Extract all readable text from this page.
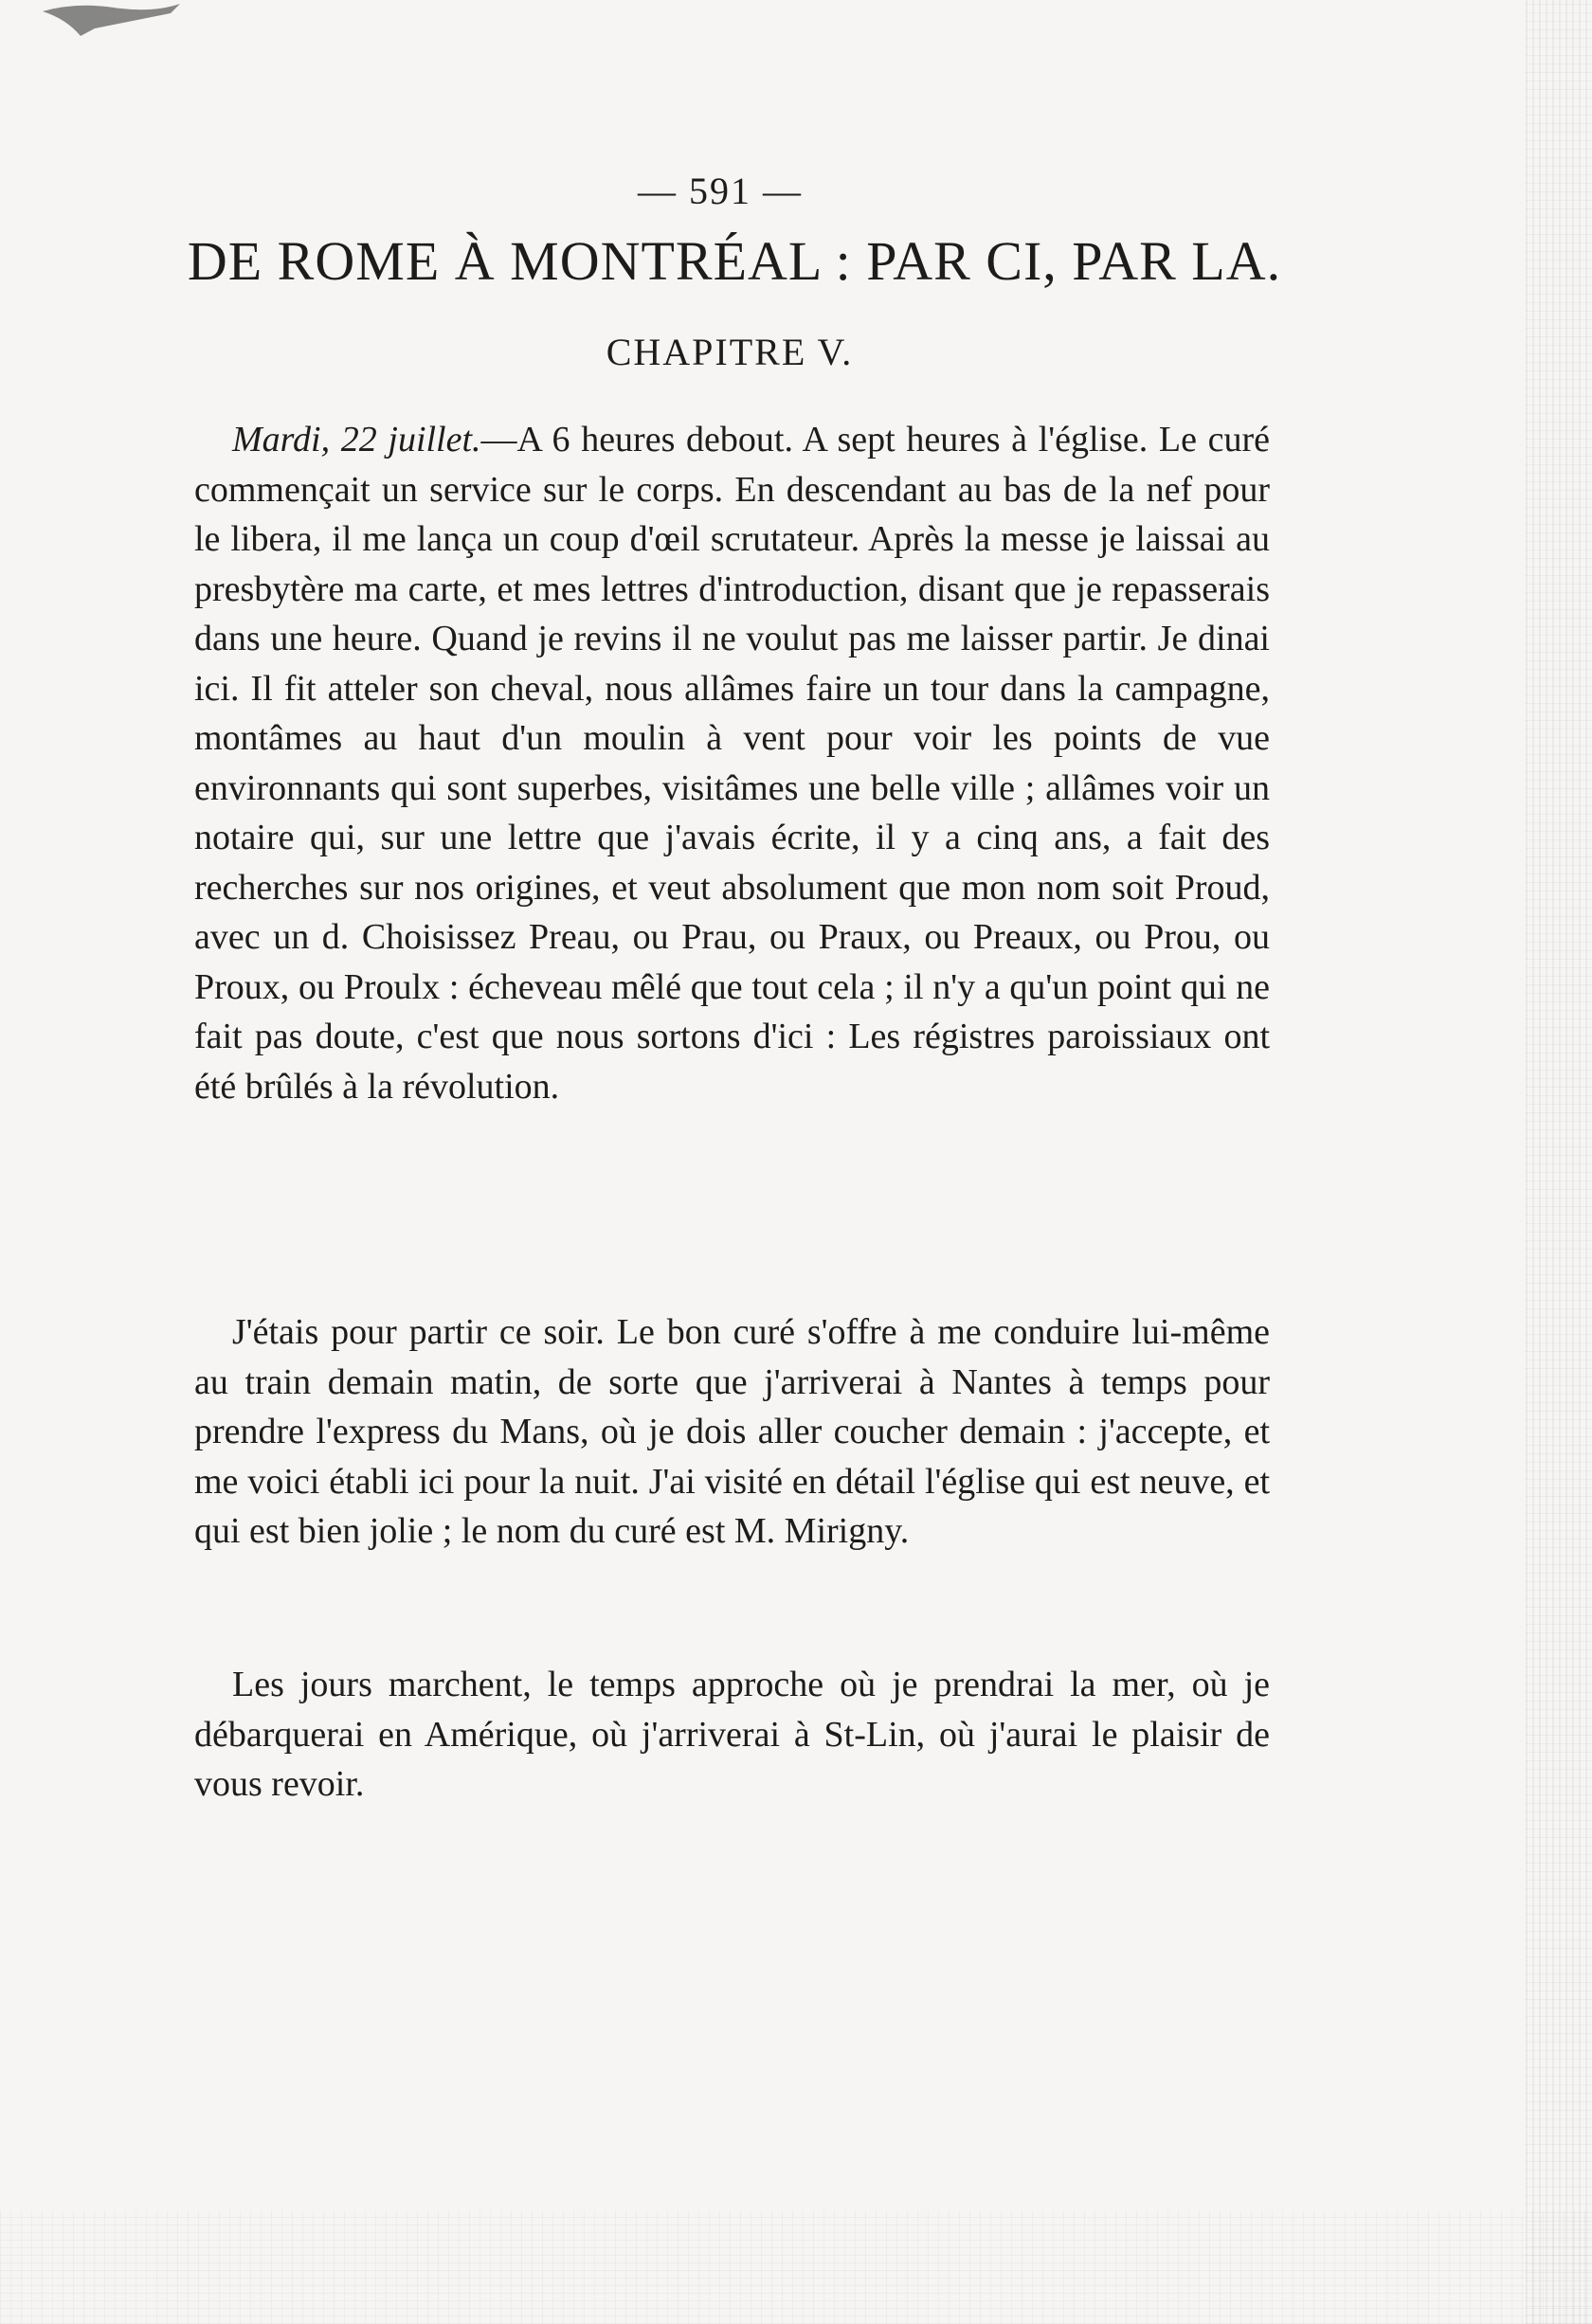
— 591 —
DE ROME À MONTRÉAL : PAR CI, PAR LA.
CHAPITRE V.

Mardi, 22 juillet.—A 6 heures debout. A sept heures à l'église. Le curé commençait un service sur le corps. En descendant au bas de la nef pour le libera, il me lança un coup d'œil scrutateur. Après la messe je laissai au presbytère ma carte, et mes lettres d'introduction, disant que je repasserais dans une heure. Quand je revins il ne voulut pas me laisser partir. Je dinai ici. Il fit atteler son cheval, nous allâmes faire un tour dans la campagne, montâmes au haut d'un moulin à vent pour voir les points de vue environnants qui sont superbes, visitâmes une belle ville ; allâmes voir un notaire qui, sur une lettre que j'avais écrite, il y a cinq ans, a fait des recherches sur nos origines, et veut absolument que mon nom soit Proud, avec un d. Choisissez Preau, ou Prau, ou Praux, ou Preaux, ou Prou, ou Proux, ou Proulx : écheveau mêlé que tout cela ; il n'y a qu'un point qui ne fait pas doute, c'est que nous sortons d'ici : Les régistres paroissiaux ont été brûlés à la révolution.

J'étais pour partir ce soir. Le bon curé s'offre à me conduire lui-même au train demain matin, de sorte que j'arriverai à Nantes à temps pour prendre l'express du Mans, où je dois aller coucher demain : j'accepte, et me voici établi ici pour la nuit. J'ai visité en détail l'église qui est neuve, et qui est bien jolie ; le nom du curé est M. Mirigny.

Les jours marchent, le temps approche où je prendrai la mer, où je débarquerai en Amérique, où j'arriverai à St-Lin, où j'aurai le plaisir de vous revoir.
